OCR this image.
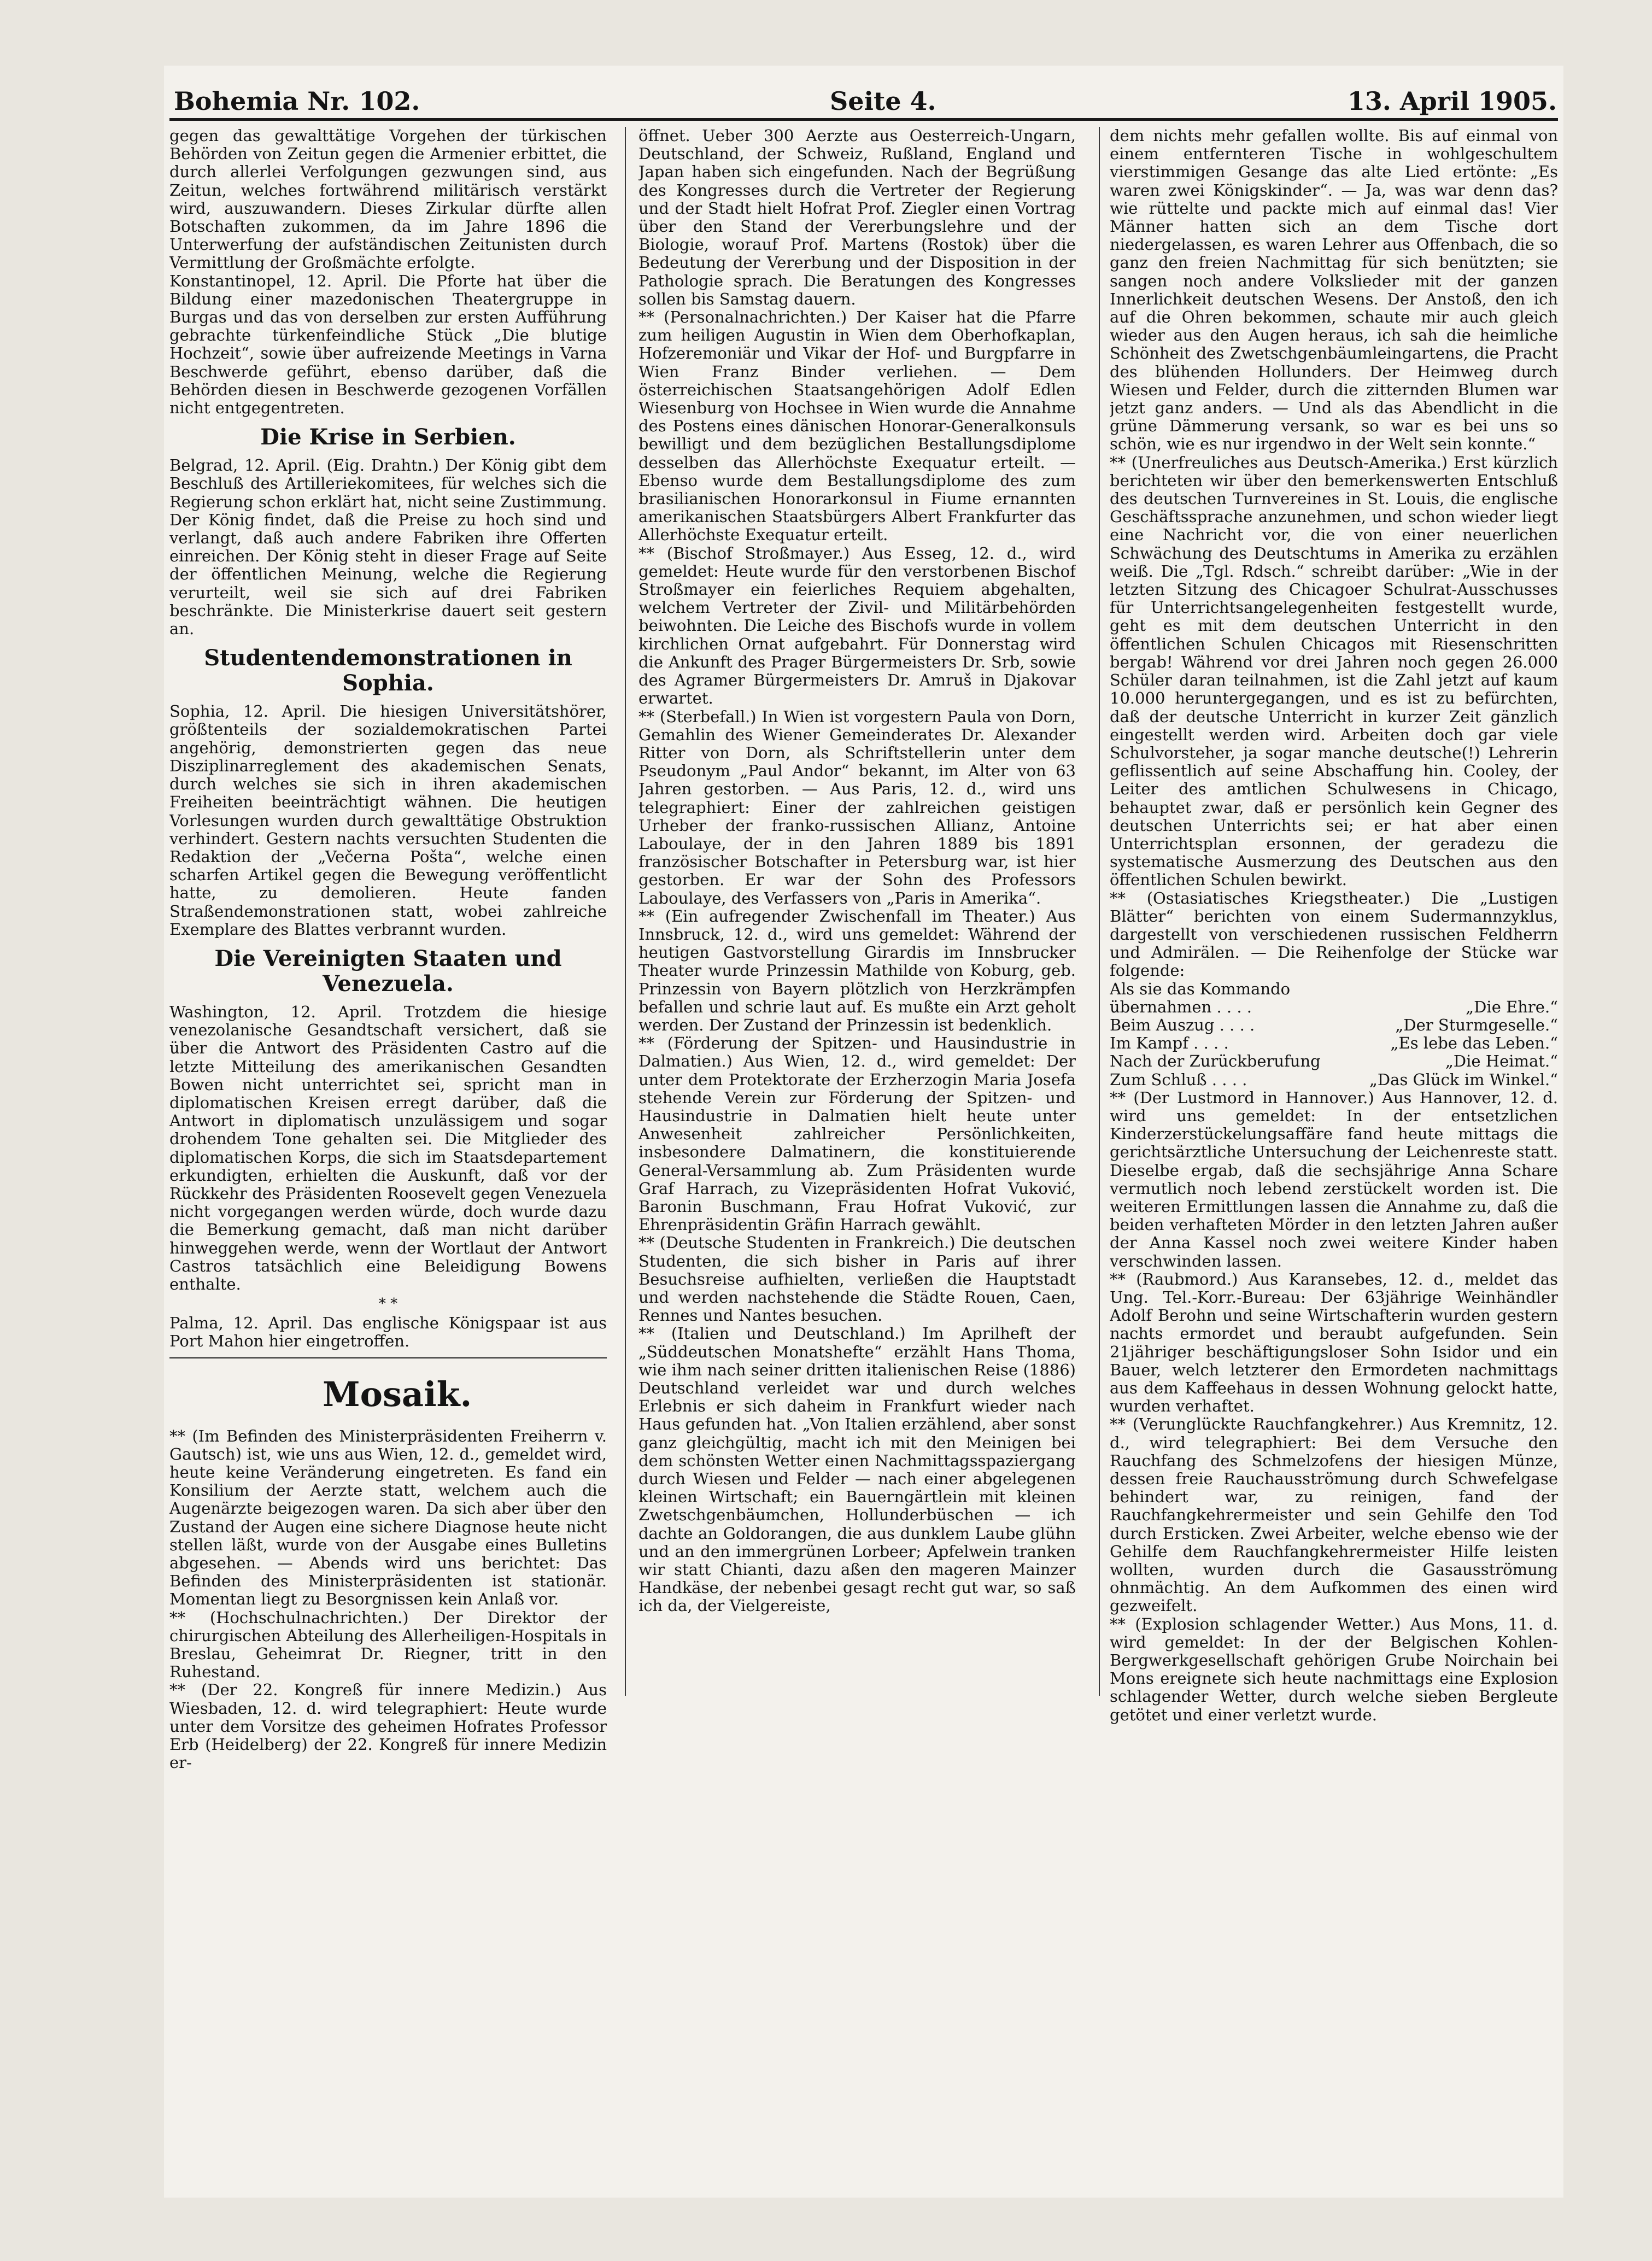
Bohemia Nr. 102.	Seite 4.	13. April 1905.

gegen das gewalttätige Vorgehen der türkischen Behörden von Zeitun gegen die Armenier erbittet, die durch allerlei Verfolgungen gezwungen sind, aus Zeitun, welches fortwährend militärisch verstärkt wird, auszuwandern. Dieses Zirkular dürfte allen Botschaften zukommen, da im Jahre 1896 die Unterwerfung der aufständischen Zeitunisten durch Vermittlung der Großmächte erfolgte.

Konstantinopel, 12. April. Die Pforte hat über die Bildung einer mazedonischen Theatergruppe in Burgas und das von derselben zur ersten Aufführung gebrachte türkenfeindliche Stück „Die blutige Hochzeit“, sowie über aufreizende Meetings in Varna Beschwerde geführt, ebenso darüber, daß die Behörden diesen in Beschwerde gezogenen Vorfällen nicht entgegentreten.

Die Krise in Serbien.

Belgrad, 12. April. (Eig. Drahtn.) Der König gibt dem Beschluß des Artilleriekomitees, für welches sich die Regierung schon erklärt hat, nicht seine Zustimmung. Der König findet, daß die Preise zu hoch sind und verlangt, daß auch andere Fabriken ihre Offerten einreichen. Der König steht in dieser Frage auf Seite der öffentlichen Meinung, welche die Regierung verurteilt, weil sie sich auf drei Fabriken beschränkte. Die Ministerkrise dauert seit gestern an.

Studentendemonstrationen in Sophia.

Sophia, 12. April. Die hiesigen Universitätshörer, größtenteils der sozialdemokratischen Partei angehörig, demonstrierten gegen das neue Disziplinarreglement des akademischen Senats, durch welches sie sich in ihren akademischen Freiheiten beeinträchtigt wähnen. Die heutigen Vorlesungen wurden durch gewalttätige Obstruktion verhindert. Gestern nachts versuchten Studenten die Redaktion der „Večerna Pošta“, welche einen scharfen Artikel gegen die Bewegung veröffentlicht hatte, zu demolieren. Heute fanden Straßendemonstrationen statt, wobei zahlreiche Exemplare des Blattes verbrannt wurden.

Die Vereinigten Staaten und Venezuela.

Washington, 12. April. Trotzdem die hiesige venezolanische Gesandtschaft versichert, daß sie über die Antwort des Präsidenten Castro auf die letzte Mitteilung des amerikanischen Gesandten Bowen nicht unterrichtet sei, spricht man in diplomatischen Kreisen erregt darüber, daß die Antwort in diplomatisch unzulässigem und sogar drohendem Tone gehalten sei. Die Mitglieder des diplomatischen Korps, die sich im Staatsdepartement erkundigten, erhielten die Auskunft, daß vor der Rückkehr des Präsidenten Roosevelt gegen Venezuela nicht vorgegangen werden würde, doch wurde dazu die Bemerkung gemacht, daß man nicht darüber hinweggehen werde, wenn der Wortlaut der Antwort Castros tatsächlich eine Beleidigung Bowens enthalte.

* *

Palma, 12. April. Das englische Königspaar ist aus Port Mahon hier eingetroffen.

Mosaik.

** (Im Befinden des Ministerpräsidenten Freiherrn v. Gautsch) ist, wie uns aus Wien, 12. d., gemeldet wird, heute keine Veränderung eingetreten. Es fand ein Konsilium der Aerzte statt, welchem auch die Augenärzte beigezogen waren. Da sich aber über den Zustand der Augen eine sichere Diagnose heute nicht stellen läßt, wurde von der Ausgabe eines Bulletins abgesehen. — Abends wird uns berichtet: Das Befinden des Ministerpräsidenten ist stationär. Momentan liegt zu Besorgnissen kein Anlaß vor.

** (Hochschulnachrichten.) Der Direktor der chirurgischen Abteilung des Allerheiligen-Hospitals in Breslau, Geheimrat Dr. Riegner, tritt in den Ruhestand.

** (Der 22. Kongreß für innere Medizin.) Aus Wiesbaden, 12. d. wird telegraphiert: Heute wurde unter dem Vorsitze des geheimen Hofrates Professor Erb (Heidelberg) der 22. Kongreß für innere Medizin er-

öffnet. Ueber 300 Aerzte aus Oesterreich-Ungarn, Deutschland, der Schweiz, Rußland, England und Japan haben sich eingefunden. Nach der Begrüßung des Kongresses durch die Vertreter der Regierung und der Stadt hielt Hofrat Prof. Ziegler einen Vortrag über den Stand der Vererbungslehre und der Biologie, worauf Prof. Martens (Rostok) über die Bedeutung der Vererbung und der Disposition in der Pathologie sprach. Die Beratungen des Kongresses sollen bis Samstag dauern.

** (Personalnachrichten.) Der Kaiser hat die Pfarre zum heiligen Augustin in Wien dem Oberhofkaplan, Hofzeremoniär und Vikar der Hof- und Burgpfarre in Wien Franz Binder verliehen. — Dem österreichischen Staatsangehörigen Adolf Edlen Wiesenburg von Hochsee in Wien wurde die Annahme des Postens eines dänischen Honorar-Generalkonsuls bewilligt und dem bezüglichen Bestallungsdiplome desselben das Allerhöchste Exequatur erteilt. — Ebenso wurde dem Bestallungsdiplome des zum brasilianischen Honorarkonsul in Fiume ernannten amerikanischen Staatsbürgers Albert Frankfurter das Allerhöchste Exequatur erteilt.

** (Bischof Stroßmayer.) Aus Esseg, 12. d., wird gemeldet: Heute wurde für den verstorbenen Bischof Stroßmayer ein feierliches Requiem abgehalten, welchem Vertreter der Zivil- und Militärbehörden beiwohnten. Die Leiche des Bischofs wurde in vollem kirchlichen Ornat aufgebahrt. Für Donnerstag wird die Ankunft des Prager Bürgermeisters Dr. Srb, sowie des Agramer Bürgermeisters Dr. Amruš in Djakovar erwartet.

** (Sterbefall.) In Wien ist vorgestern Paula von Dorn, Gemahlin des Wiener Gemeinderates Dr. Alexander Ritter von Dorn, als Schriftstellerin unter dem Pseudonym „Paul Andor“ bekannt, im Alter von 63 Jahren gestorben. — Aus Paris, 12. d., wird uns telegraphiert: Einer der zahlreichen geistigen Urheber der franko-russischen Allianz, Antoine Laboulaye, der in den Jahren 1889 bis 1891 französischer Botschafter in Petersburg war, ist hier gestorben. Er war der Sohn des Professors Laboulaye, des Verfassers von „Paris in Amerika“.

** (Ein aufregender Zwischenfall im Theater.) Aus Innsbruck, 12. d., wird uns gemeldet: Während der heutigen Gastvorstellung Girardis im Innsbrucker Theater wurde Prinzessin Mathilde von Koburg, geb. Prinzessin von Bayern plötzlich von Herzkrämpfen befallen und schrie laut auf. Es mußte ein Arzt geholt werden. Der Zustand der Prinzessin ist bedenklich.

** (Förderung der Spitzen- und Hausindustrie in Dalmatien.) Aus Wien, 12. d., wird gemeldet: Der unter dem Protektorate der Erzherzogin Maria Josefa stehende Verein zur Förderung der Spitzen- und Hausindustrie in Dalmatien hielt heute unter Anwesenheit zahlreicher Persönlichkeiten, insbesondere Dalmatinern, die konstituierende General-Versammlung ab. Zum Präsidenten wurde Graf Harrach, zu Vizepräsidenten Hofrat Vuković, Baronin Buschmann, Frau Hofrat Vuković, zur Ehrenpräsidentin Gräfin Harrach gewählt.

** (Deutsche Studenten in Frankreich.) Die deutschen Studenten, die sich bisher in Paris auf ihrer Besuchsreise aufhielten, verließen die Hauptstadt und werden nachstehende die Städte Rouen, Caen, Rennes und Nantes besuchen.

** (Italien und Deutschland.) Im Aprilheft der „Süddeutschen Monatshefte“ erzählt Hans Thoma, wie ihm nach seiner dritten italienischen Reise (1886) Deutschland verleidet war und durch welches Erlebnis er sich daheim in Frankfurt wieder nach Haus gefunden hat. „Von Italien erzählend, aber sonst ganz gleichgültig, macht ich mit den Meinigen bei dem schönsten Wetter einen Nachmittagsspaziergang durch Wiesen und Felder — nach einer abgelegenen kleinen Wirtschaft; ein Bauerngärtlein mit kleinen Zwetschgenbäumchen, Hollunderbüschen — ich dachte an Goldorangen, die aus dunklem Laube glühn und an den immergrünen Lorbeer; Apfelwein tranken wir statt Chianti, dazu aßen den mageren Mainzer Handkäse, der nebenbei gesagt recht gut war, so saß ich da, der Vielgereiste,

dem nichts mehr gefallen wollte. Bis auf einmal von einem entfernteren Tische in wohlgeschultem vierstimmigen Gesange das alte Lied ertönte: „Es waren zwei Königskinder“. — Ja, was war denn das? wie rüttelte und packte mich auf einmal das! Vier Männer hatten sich an dem Tische dort niedergelassen, es waren Lehrer aus Offenbach, die so ganz den freien Nachmittag für sich benützten; sie sangen noch andere Volkslieder mit der ganzen Innerlichkeit deutschen Wesens. Der Anstoß, den ich auf die Ohren bekommen, schaute mir auch gleich wieder aus den Augen heraus, ich sah die heimliche Schönheit des Zwetschgenbäumleingartens, die Pracht des blühenden Hollunders. Der Heimweg durch Wiesen und Felder, durch die zitternden Blumen war jetzt ganz anders. — Und als das Abendlicht in die grüne Dämmerung versank, so war es bei uns so schön, wie es nur irgendwo in der Welt sein konnte.“

** (Unerfreuliches aus Deutsch-Amerika.) Erst kürzlich berichteten wir über den bemerkenswerten Entschluß des deutschen Turnvereines in St. Louis, die englische Geschäftssprache anzunehmen, und schon wieder liegt eine Nachricht vor, die von einer neuerlichen Schwächung des Deutschtums in Amerika zu erzählen weiß. Die „Tgl. Rdsch.“ schreibt darüber: „Wie in der letzten Sitzung des Chicagoer Schulrat-Ausschusses für Unterrichtsangelegenheiten festgestellt wurde, geht es mit dem deutschen Unterricht in den öffentlichen Schulen Chicagos mit Riesenschritten bergab! Während vor drei Jahren noch gegen 26.000 Schüler daran teilnahmen, ist die Zahl jetzt auf kaum 10.000 heruntergegangen, und es ist zu befürchten, daß der deutsche Unterricht in kurzer Zeit gänzlich eingestellt werden wird. Arbeiten doch gar viele Schulvorsteher, ja sogar manche deutsche(!) Lehrerin geflissentlich auf seine Abschaffung hin. Cooley, der Leiter des amtlichen Schulwesens in Chicago, behauptet zwar, daß er persönlich kein Gegner des deutschen Unterrichts sei; er hat aber einen Unterrichtsplan ersonnen, der geradezu die systematische Ausmerzung des Deutschen aus den öffentlichen Schulen bewirkt.

** (Ostasiatisches Kriegstheater.) Die „Lustigen Blätter“ berichten von einem Sudermannzyklus, dargestellt von verschiedenen russischen Feldherrn und Admirälen. — Die Reihenfolge der Stücke war folgende:

Als sie das Kommando
übernahmen . . . .	„Die Ehre.“
Beim Auszug . . . .	„Der Sturmgeselle.“
Im Kampf . . . .	„Es lebe das Leben.“
Nach der Zurückberufung	„Die Heimat.“
Zum Schluß . . . .	„Das Glück im Winkel.“

** (Der Lustmord in Hannover.) Aus Hannover, 12. d. wird uns gemeldet: In der entsetzlichen Kinderzerstückelungsaffäre fand heute mittags die gerichtsärztliche Untersuchung der Leichenreste statt. Dieselbe ergab, daß die sechsjährige Anna Schare vermutlich noch lebend zerstückelt worden ist. Die weiteren Ermittlungen lassen die Annahme zu, daß die beiden verhafteten Mörder in den letzten Jahren außer der Anna Kassel noch zwei weitere Kinder haben verschwinden lassen.

** (Raubmord.) Aus Karansebes, 12. d., meldet das Ung. Tel.-Korr.-Bureau: Der 63jährige Weinhändler Adolf Berohn und seine Wirtschafterin wurden gestern nachts ermordet und beraubt aufgefunden. Sein 21jähriger beschäftigungsloser Sohn Isidor und ein Bauer, welch letzterer den Ermordeten nachmittags aus dem Kaffeehaus in dessen Wohnung gelockt hatte, wurden verhaftet.

** (Verunglückte Rauchfangkehrer.) Aus Kremnitz, 12. d., wird telegraphiert: Bei dem Versuche den Rauchfang des Schmelzofens der hiesigen Münze, dessen freie Rauchausströmung durch Schwefelgase behindert war, zu reinigen, fand der Rauchfangkehrermeister und sein Gehilfe den Tod durch Ersticken. Zwei Arbeiter, welche ebenso wie der Gehilfe dem Rauchfangkehrermeister Hilfe leisten wollten, wurden durch die Gasausströmung ohnmächtig. An dem Aufkommen des einen wird gezweifelt.

** (Explosion schlagender Wetter.) Aus Mons, 11. d. wird gemeldet: In der der Belgischen Kohlen-Bergwerkgesellschaft gehörigen Grube Noirchain bei Mons ereignete sich heute nachmittags eine Explosion schlagender Wetter, durch welche sieben Bergleute getötet und einer verletzt wurde.
